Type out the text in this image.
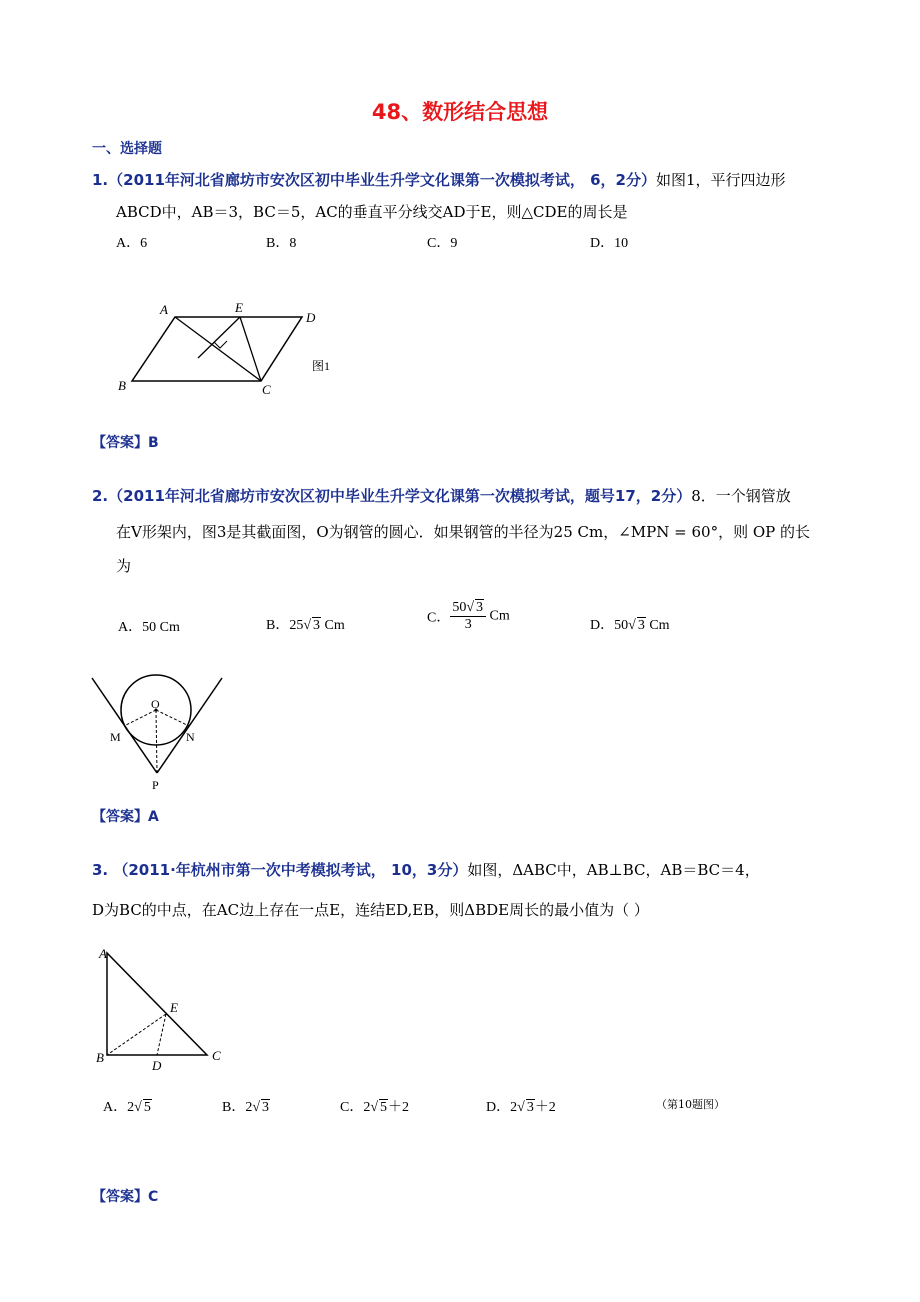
48、数形结合思想
一、选择题
1.（2011年河北省廊坊市安次区初中毕业生升学文化课第一次模拟考试， 6，2分）如图1，平行四边形
ABCD中，AB＝3，BC＝5，AC的垂直平分线交AD于E，则△CDE的周长是
A．6	B．8	C．9	D．10
A	E
D
B	C
图1
【答案】B
2.（2011年河北省廊坊市安次区初中毕业生升学文化课第一次模拟考试，题号17，2分）8．一个钢管放
在V形架内，图3是其截面图，O为钢管的圆心．如果钢管的半径为25 Cm，∠MPN = 60°，则 OP 的长
为
A．50 Cm	B．25√ 3 Cm	C． $\frac{50√ 3}{3}$ Cm
D．50√ 3 Cm
O
M	N
P
【答案】A
3. （2011·年杭州市第一次中考模拟考试， 10，3分）如图，ΔABC中，AB⊥BC，AB＝BC＝4，
D为BC的中点，在AC边上存在一点E，连结ED,EB，则ΔBDE周长的最小值为（ ）
A
E
B
D
C
A．2√ 5	B．2√ 3	C．2√ 5＋2	D．2√ 3＋2	（第10题图）
【答案】C
